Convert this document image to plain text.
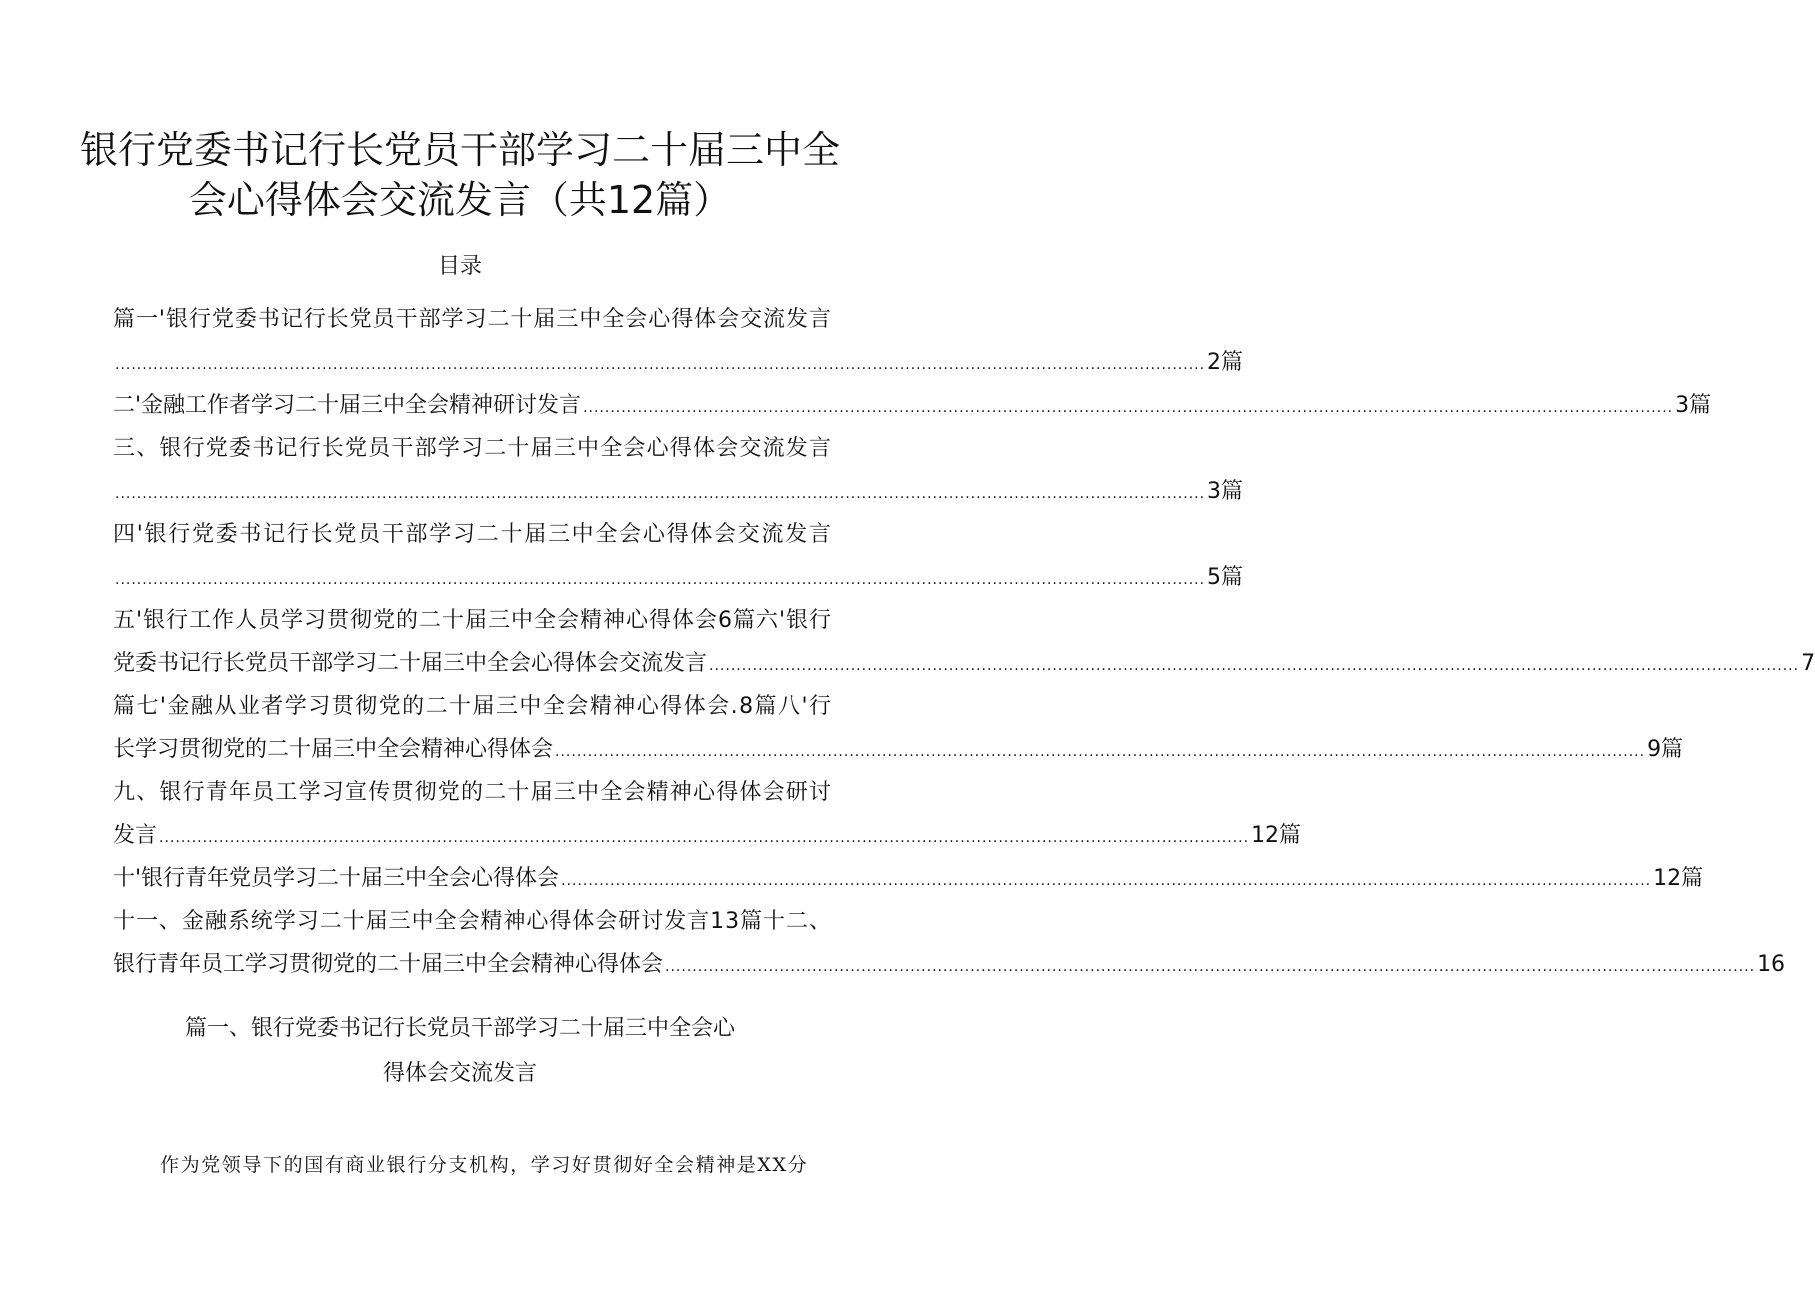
银行党委书记行长党员干部学习二十届三中全
会心得体会交流发言（共12篇）
目录
篇一'银行党委书记行长党员干部学习二十届三中全会心得体会交流发言
........................................................................................................................................................................................................ 2篇
二'金融工作者学习二十届三中全会精神研讨发言 ........................................................................................................................................................................................................ 3篇
三、银行党委书记行长党员干部学习二十届三中全会心得体会交流发言
........................................................................................................................................................................................................ 3篇
四'银行党委书记行长党员干部学习二十届三中全会心得体会交流发言
........................................................................................................................................................................................................ 5篇
五'银行工作人员学习贯彻党的二十届三中全会精神心得体会6篇六'银行
党委书记行长党员干部学习二十届三中全会心得体会交流发言 ........................................................................................................................................................................................................ 7
篇七'金融从业者学习贯彻党的二十届三中全会精神心得体会.8篇八'行
长学习贯彻党的二十届三中全会精神心得体会 ........................................................................................................................................................................................................ 9篇
九、银行青年员工学习宣传贯彻党的二十届三中全会精神心得体会研讨
发言 ........................................................................................................................................................................................................ 12篇
十'银行青年党员学习二十届三中全会心得体会 ........................................................................................................................................................................................................ 12篇
十一、金融系统学习二十届三中全会精神心得体会研讨发言13篇十二、
银行青年员工学习贯彻党的二十届三中全会精神心得体会 ........................................................................................................................................................................................................ 16
篇一、银行党委书记行长党员干部学习二十届三中全会心
得体会交流发言
作为党领导下的国有商业银行分支机构，学习好贯彻好全会精神是XX分
